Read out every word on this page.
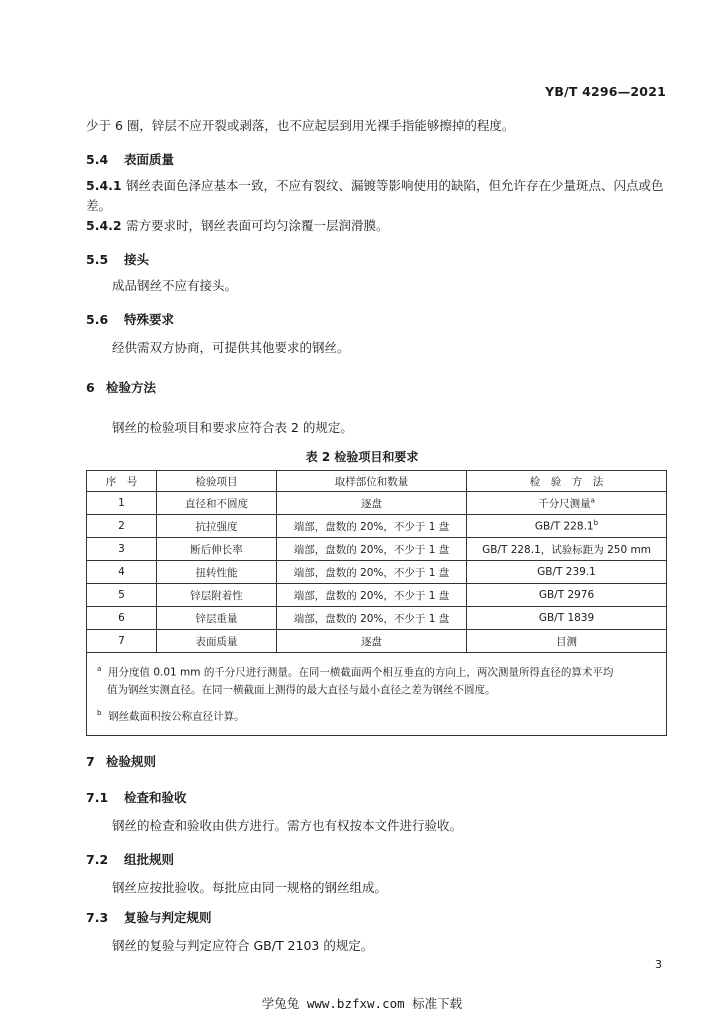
YB/T 4296—2021
少于 6 圈，锌层不应开裂或剥落，也不应起层到用光裸手指能够擦掉的程度。
5.4 表面质量
5.4.1 钢丝表面色泽应基本一致，不应有裂纹、漏镀等影响使用的缺陷，但允许存在少量斑点、闪点或色
差。
5.4.2 需方要求时，钢丝表面可均匀涂覆一层润滑膜。
5.5 接头
成品钢丝不应有接头。
5.6 特殊要求
经供需双方协商，可提供其他要求的钢丝。
6 检验方法
钢丝的检验项目和要求应符合表 2 的规定。
表 2 检验项目和要求
序　号	检验项目	取样部位和数量	检　验　方　法
1	直径和不圆度	逐盘	千分尺测量$^a$
2	抗拉强度	端部，盘数的 20%，不少于 1 盘	GB/T 228.1$^b$
3	断后伸长率	端部，盘数的 20%，不少于 1 盘	GB/T 228.1，试验标距为 250 mm
4	扭转性能	端部，盘数的 20%，不少于 1 盘	GB/T 239.1
5	锌层附着性	端部，盘数的 20%，不少于 1 盘	GB/T 2976
6	锌层重量	端部，盘数的 20%，不少于 1 盘	GB/T 1839
7	表面质量	逐盘	目测

$^a$ 用分度值 0.01 mm 的千分尺进行测量。在同一横截面两个相互垂直的方向上，两次测量所得直径的算术平均
值为钢丝实测直径。在同一横截面上测得的最大直径与最小直径之差为钢丝不圆度。
$^b$ 钢丝截面积按公称直径计算。			
7 检验规则
7.1 检查和验收
钢丝的检查和验收由供方进行。需方也有权按本文件进行验收。
7.2 组批规则
钢丝应按批验收。每批应由同一规格的钢丝组成。
7.3 复验与判定规则
钢丝的复验与判定应符合 GB/T 2103 的规定。
3
学兔兔 www.bzfxw.com 标准下载
